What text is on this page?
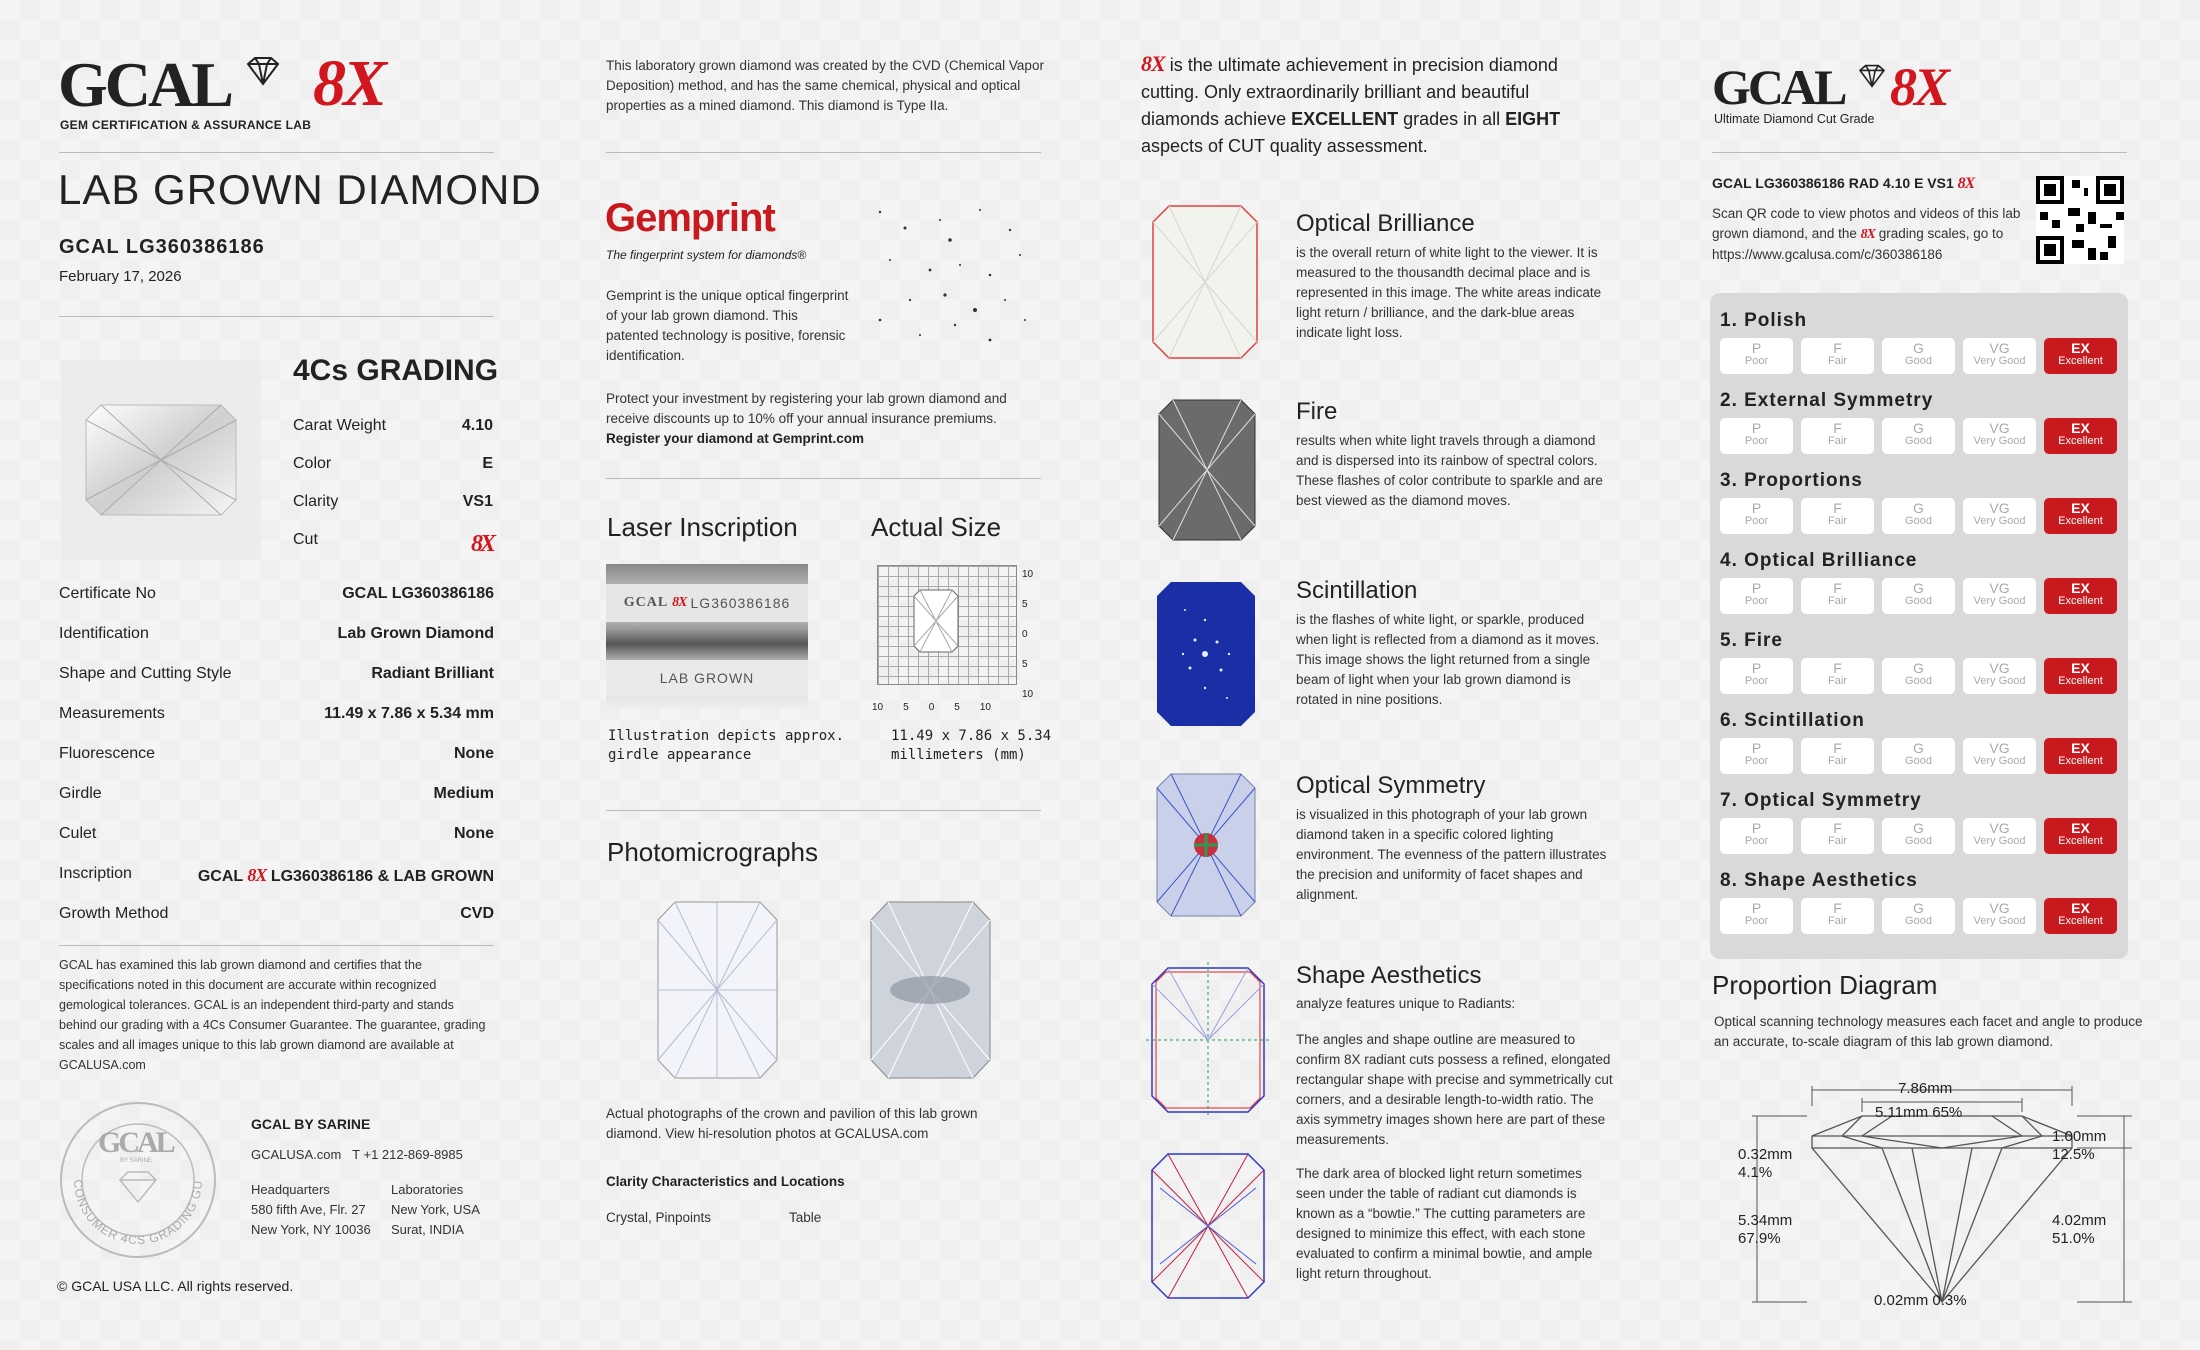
GCAL 8X
GEM CERTIFICATION & ASSURANCE LAB
LAB GROWN DIAMOND
GCAL LG360386186
February 17, 2026
4Cs GRADING
Carat Weight	4.10
Color	E
Clarity	VS1
Cut	8X
Certificate No	GCAL LG360386186
Identification	Lab Grown Diamond
Shape and Cutting Style	Radiant Brilliant
Measurements	11.49 x 7.86 x 5.34 mm
Fluorescence	None
Girdle	Medium
Culet	None
Inscription	GCAL 8X LG360386186 & LAB GROWN
Growth Method	CVD
GCAL has examined this lab grown diamond and certifies that the specifications noted in this document are accurate within recognized gemological tolerances. GCAL is an independent third-party and stands behind our grading with a 4Cs Consumer Guarantee. The guarantee, grading scales and all images unique to this lab grown diamond are available at GCALUSA.com
CONSUMER 4CS GRADING GU
GCAL
BY SARINE
GCAL BY SARINE
GCALUSA.com T +1 212-869-8985
Headquarters
580 fifth Ave, Flr. 27
New York, NY 10036
Laboratories
New York, USA
Surat, INDIA
© GCAL USA LLC. All rights reserved.
This laboratory grown diamond was created by the CVD (Chemical Vapor Deposition) method, and has the same chemical, physical and optical properties as a mined diamond. This diamond is Type IIa.
Gemprint
The fingerprint system for diamonds®
Gemprint is the unique optical fingerprint of your lab grown diamond. This patented technology is positive, forensic identification.
Protect your investment by registering your lab grown diamond and receive discounts up to 10% off your annual insurance premiums.
Register your diamond at Gemprint.com
Laser Inscription
GCAL 8X LG360386186
LAB GROWN
Illustration depicts approx.
girdle appearance
Actual Size
10
5
0
5
10
10 5 0 5 10
11.49 x 7.86 x 5.34
millimeters (mm)
Photomicrographs
Actual photographs of the crown and pavilion of this lab grown diamond. View hi-resolution photos at GCALUSA.com
Clarity Characteristics and Locations
Crystal, Pinpoints	Table
8X is the ultimate achievement in precision diamond cutting. Only extraordinarily brilliant and beautiful diamonds achieve EXCELLENT grades in all EIGHT aspects of CUT quality assessment.
Optical Brilliance
is the overall return of white light to the viewer. It is measured to the thousandth decimal place and is represented in this image. The white areas indicate light return / brilliance, and the dark-blue areas indicate light loss.
Fire
results when white light travels through a diamond and is dispersed into its rainbow of spectral colors. These flashes of color contribute to sparkle and are best viewed as the diamond moves.
Scintillation
is the flashes of white light, or sparkle, produced when light is reflected from a diamond as it moves. This image shows the light returned from a single beam of light when your lab grown diamond is rotated in nine positions.
Optical Symmetry
is visualized in this photograph of your lab grown diamond taken in a specific colored lighting environment. The evenness of the pattern illustrates the precision and uniformity of facet shapes and alignment.
Shape Aesthetics
analyze features unique to Radiants:
The angles and shape outline are measured to confirm 8X radiant cuts possess a refined, elongated rectangular shape with precise and symmetrically cut corners, and a desirable length-to-width ratio. The axis symmetry images shown here are part of these measurements.
The dark area of blocked light return sometimes seen under the table of radiant cut diamonds is known as a “bowtie.” The cutting parameters are designed to minimize this effect, with each stone evaluated to confirm a minimal bowtie, and ample light return throughout.
GCAL 8X
Ultimate Diamond Cut Grade
GCAL LG360386186 RAD 4.10 E VS1 8X
Scan QR code to view photos and videos of this lab grown diamond, and the 8X grading scales, go to https://www.gcalusa.com/c/360386186
1. Polish
P
Poor
F
Fair
G
Good
VG
Very Good
EX
Excellent
2. External Symmetry
P
Poor
F
Fair
G
Good
VG
Very Good
EX
Excellent
3. Proportions
P
Poor
F
Fair
G
Good
VG
Very Good
EX
Excellent
4. Optical Brilliance
P
Poor
F
Fair
G
Good
VG
Very Good
EX
Excellent
5. Fire
P
Poor
F
Fair
G
Good
VG
Very Good
EX
Excellent
6. Scintillation
P
Poor
F
Fair
G
Good
VG
Very Good
EX
Excellent
7. Optical Symmetry
P
Poor
F
Fair
G
Good
VG
Very Good
EX
Excellent
8. Shape Aesthetics
P
Poor
F
Fair
G
Good
VG
Very Good
EX
Excellent
Proportion Diagram
Optical scanning technology measures each facet and angle to produce an accurate, to-scale diagram of this lab grown diamond.
7.86mm
5.11mm 65%
0.32mm
4.1%
5.34mm
67.9%
1.00mm
12.5%
4.02mm
51.0%
0.02mm 0.3%
